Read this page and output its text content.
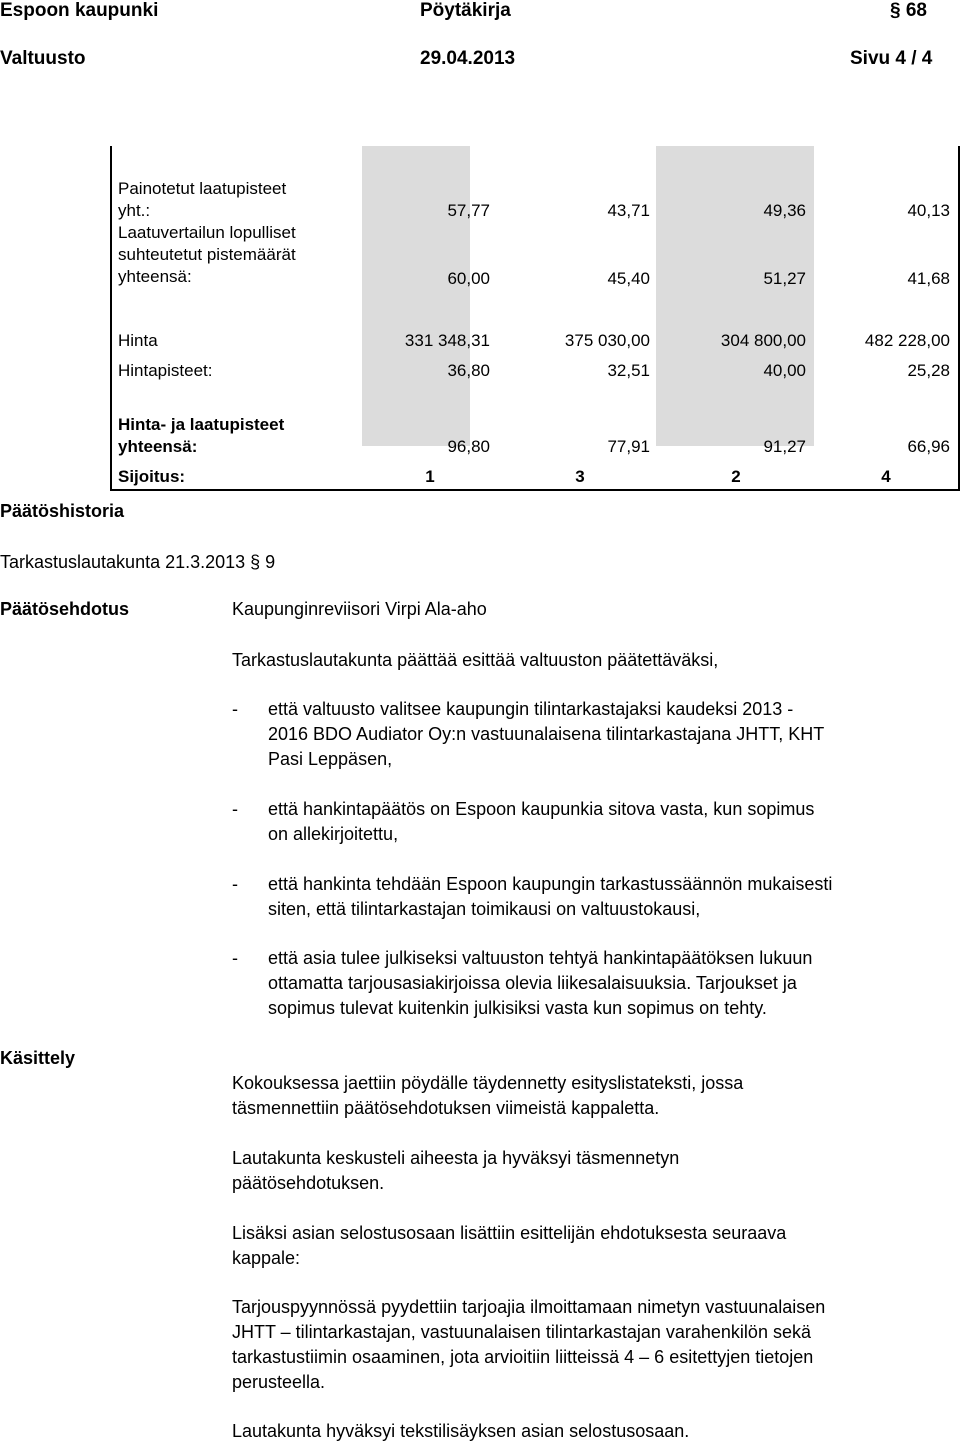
Espoon kaupunki	Pöytäkirja	§ 68
Valtuusto	29.04.2013	Sivu 4 / 4
Painotetut laatupisteet
yht.:	57,77	43,71	49,36	40,13
Laatuvertailun lopulliset
suhteutetut pistemäärät
yhteensä:	60,00	45,40	51,27	41,68
Hinta	331 348,31	375 030,00	304 800,00	482 228,00
Hintapisteet:	36,80	32,51	40,00	25,28
Hinta- ja laatupisteet
yhteensä:	96,80	77,91	91,27	66,96
Sijoitus:	1	3	2	4
Päätöshistoria
Tarkastuslautakunta 21.3.2013 § 9
Päätösehdotus	Kaupunginreviisori Virpi Ala-aho
Tarkastuslautakunta päättää esittää valtuuston päätettäväksi,
- että valtuusto valitsee kaupungin tilintarkastajaksi kaudeksi 2013 -
2016 BDO Audiator Oy:n vastuunalaisena tilintarkastajana JHTT, KHT
Pasi Leppäsen,
- että hankintapäätös on Espoon kaupunkia sitova vasta, kun sopimus
on allekirjoitettu,
- että hankinta tehdään Espoon kaupungin tarkastussäännön mukaisesti
siten, että tilintarkastajan toimikausi on valtuustokausi,
- että asia tulee julkiseksi valtuuston tehtyä hankintapäätöksen lukuun
ottamatta tarjousasiakirjoissa olevia liikesalaisuuksia. Tarjoukset ja
sopimus tulevat kuitenkin julkisiksi vasta kun sopimus on tehty.
Käsittely
Kokouksessa jaettiin pöydälle täydennetty esityslistateksti, jossa
täsmennettiin päätösehdotuksen viimeistä kappaletta.
Lautakunta keskusteli aiheesta ja hyväksyi täsmennetyn
päätösehdotuksen.
Lisäksi asian selostusosaan lisättiin esittelijän ehdotuksesta seuraava
kappale:
Tarjouspyynnössä pyydettiin tarjoajia ilmoittamaan nimetyn vastuunalaisen
JHTT – tilintarkastajan, vastuunalaisen tilintarkastajan varahenkilön sekä
tarkastustiimin osaaminen, jota arvioitiin liitteissä 4 – 6 esitettyjen tietojen
perusteella.
Lautakunta hyväksyi tekstilisäyksen asian selostusosaan.
